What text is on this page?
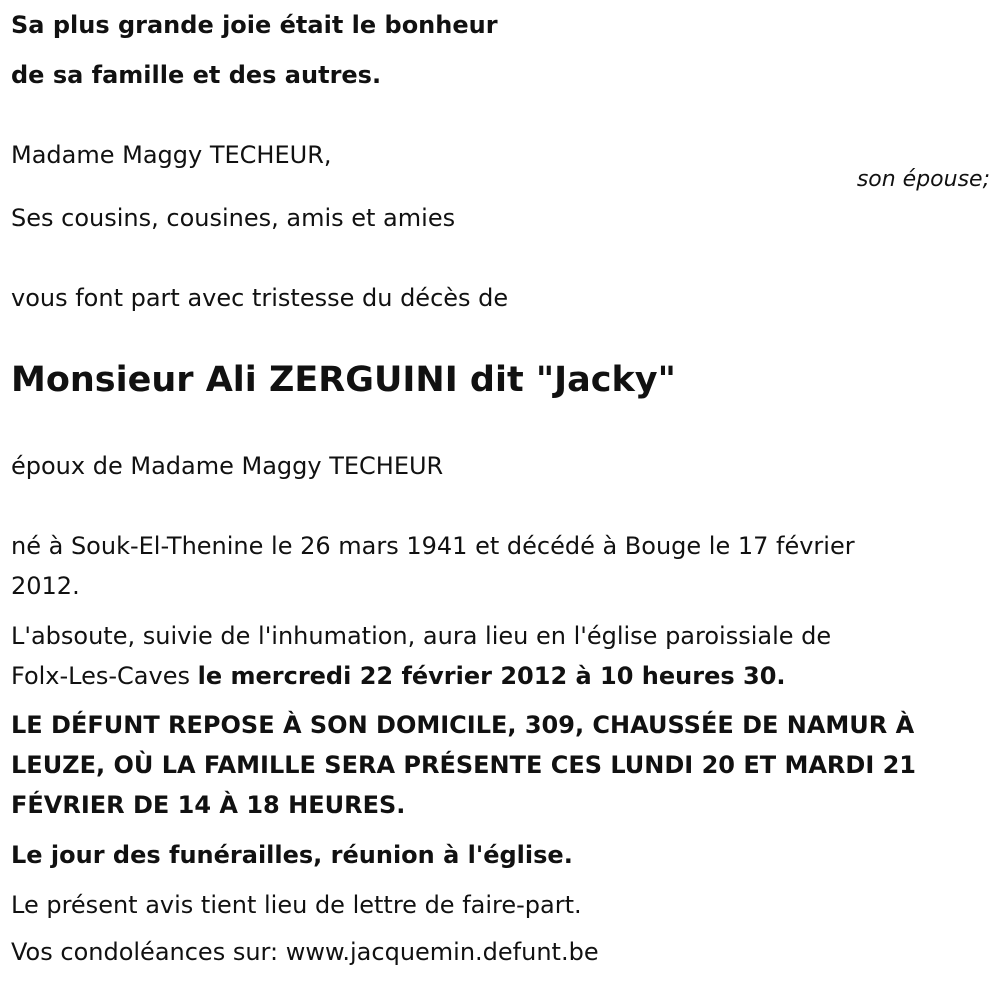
Sa plus grande joie était le bonheur

de sa famille et des autres.

Madame Maggy TECHEUR,

son épouse;

Ses cousins, cousines, amis et amies

vous font part avec tristesse du décès de

Monsieur Ali ZERGUINI dit "Jacky"

époux de Madame Maggy TECHEUR

né à Souk-El-Thenine le 26 mars 1941 et décédé à Bouge le 17 février

2012.

L'absoute, suivie de l'inhumation, aura lieu en l'église paroissiale de

Folx-Les-Caves le mercredi 22 février 2012 à 10 heures 30.

LE DÉFUNT REPOSE À SON DOMICILE, 309, CHAUSSÉE DE NAMUR À

LEUZE, OÙ LA FAMILLE SERA PRÉSENTE CES LUNDI 20 ET MARDI 21

FÉVRIER DE 14 À 18 HEURES.

Le jour des funérailles, réunion à l'église.

Le présent avis tient lieu de lettre de faire-part.

Vos condoléances sur: www.jacquemin.defunt.be
